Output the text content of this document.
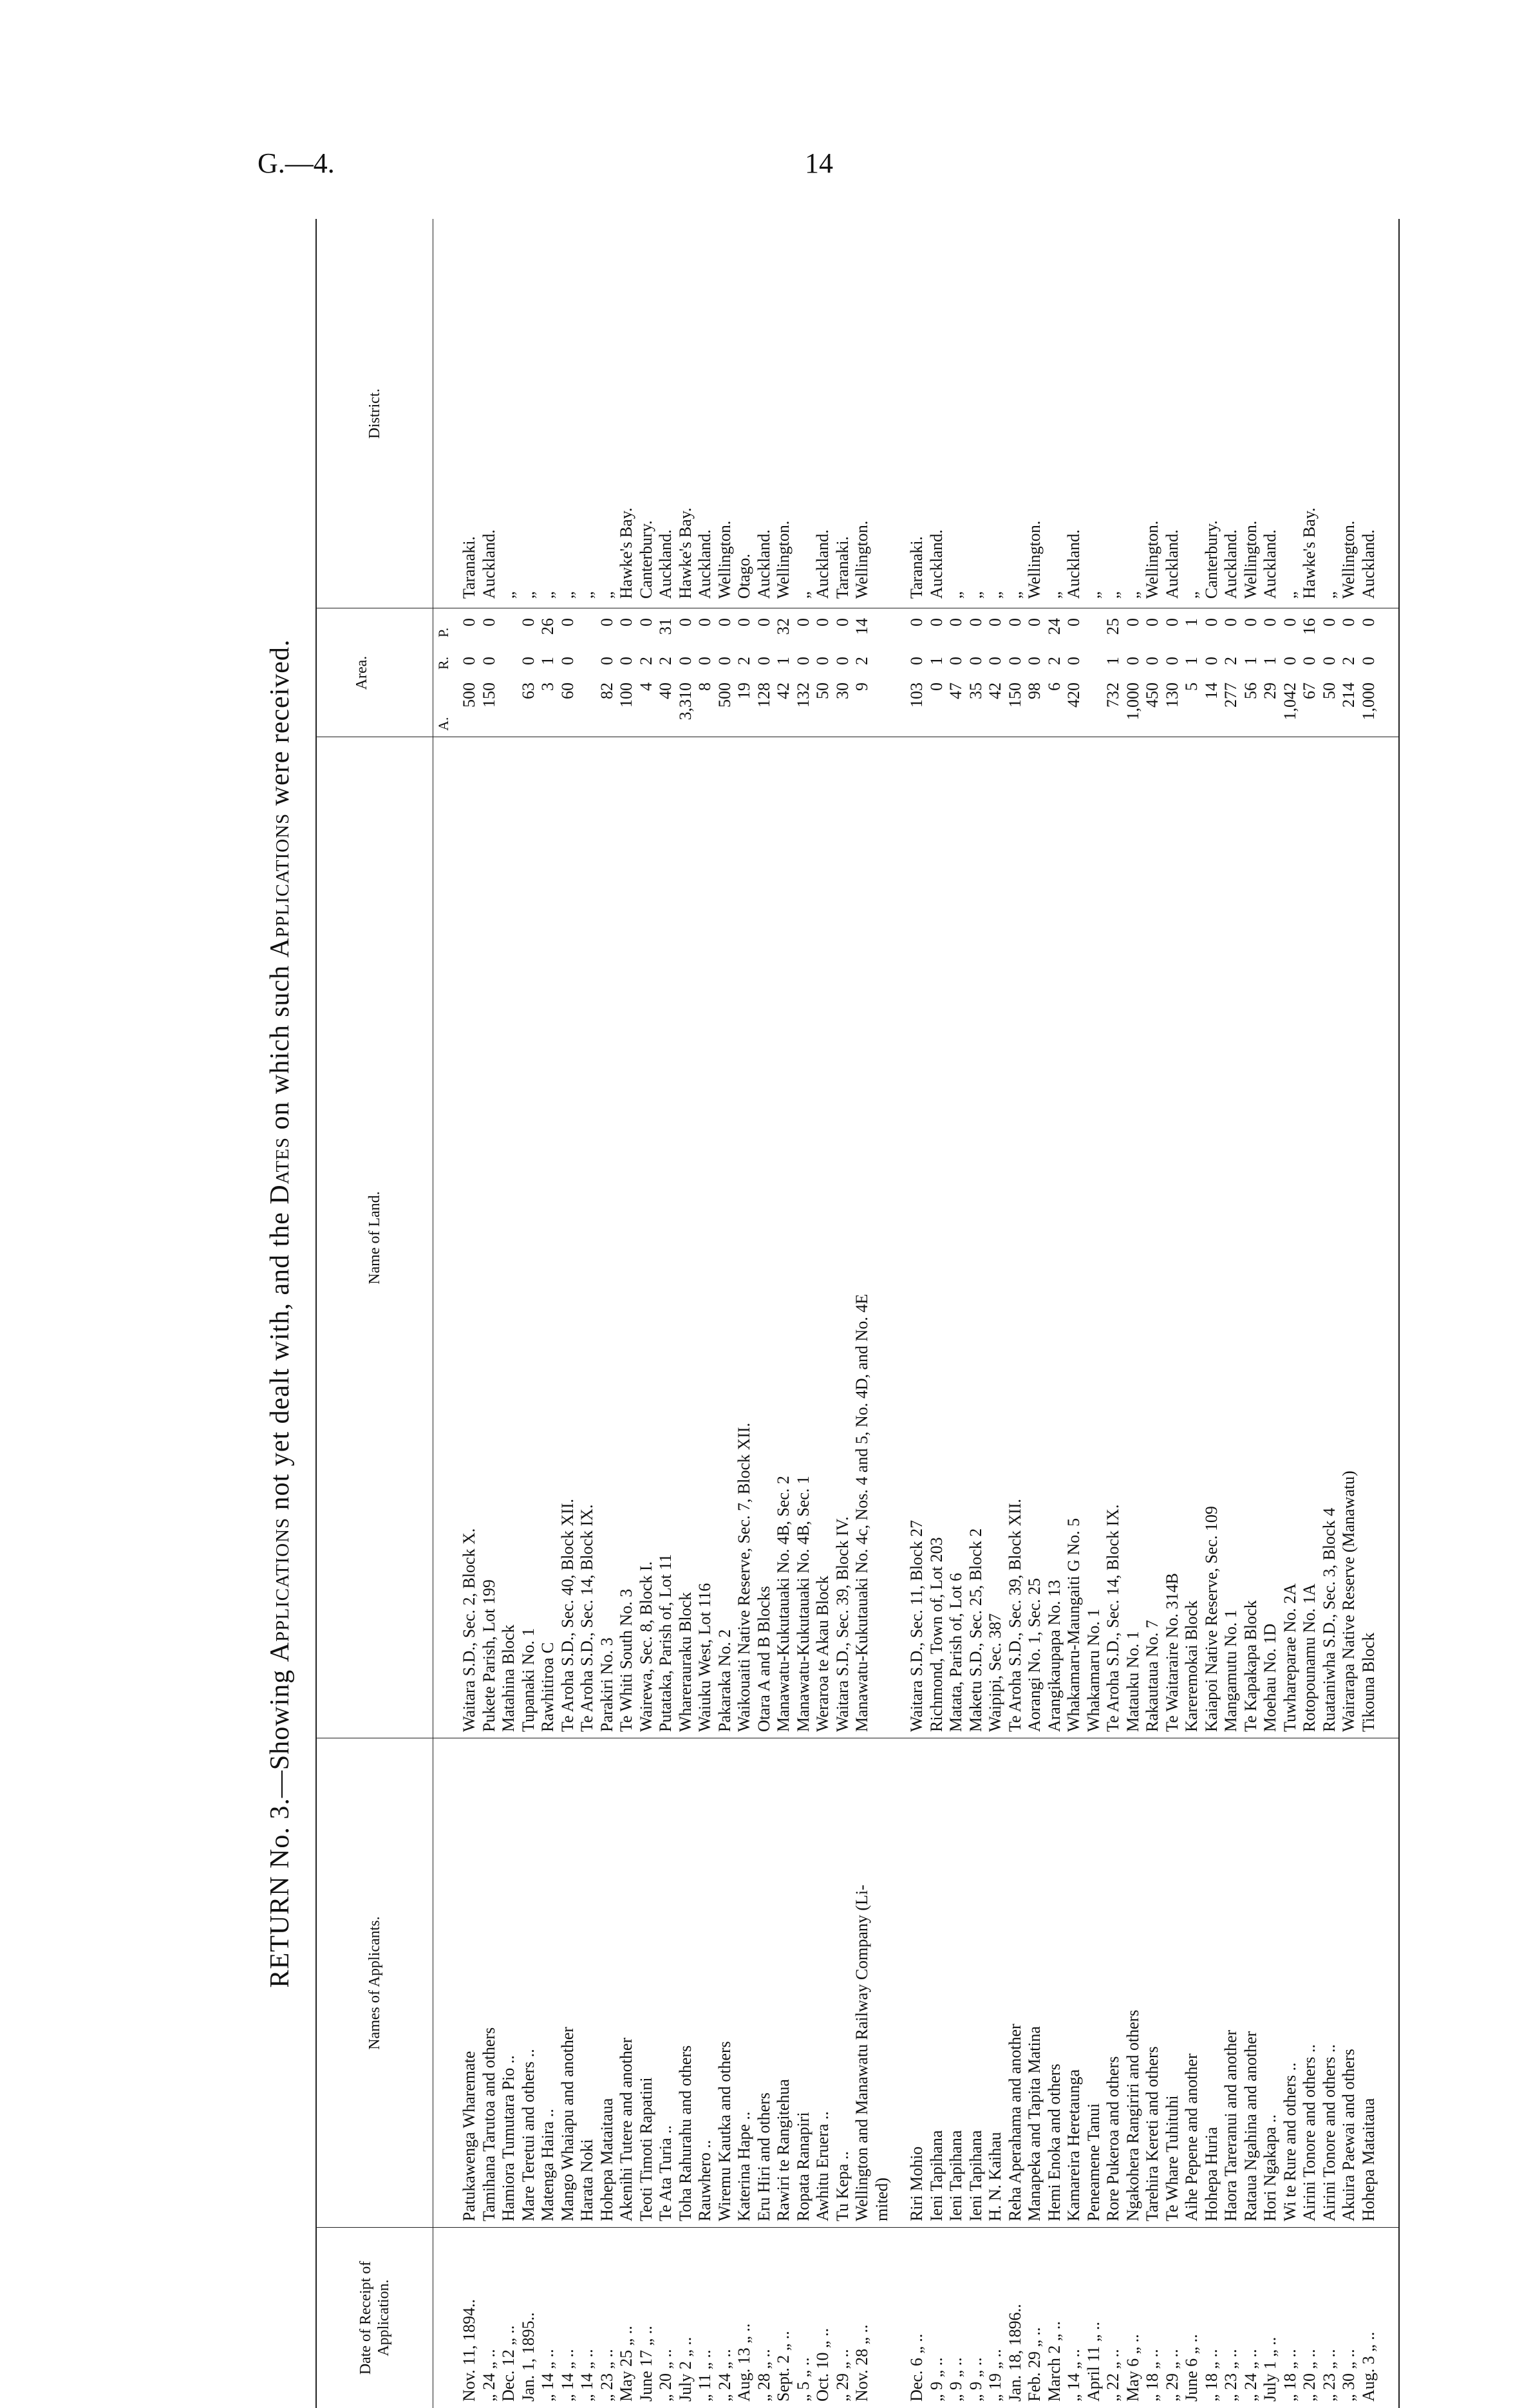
G.—4.	14
RETURN No. 3.—Showing Applications not yet dealt with, and the Dates on which such Applications were received.
Date of Receipt of Application.
Names of Applicants.
Name of Land.
Area.
District.
A.
R.
P.
Nov. 11, 1894..
Patukawenga Wharemate
Waitara S.D., Sec. 2, Block X.
500
0
0
Taranaki.
„ 24 „ ..
Tamihana Tarutoa and others
Pukete Parish, Lot 199
150
0
0
Auckland.
Dec. 12 „ ..
Hamiora Tumutara Pio ..
Matahina Block
„
Jan. 1, 1895..
Mare Teretui and others ..
Tupanaki No. 1
63
0
0
„
„ 14 „ ..
Matenga Haira ..
Rawhitiroa C
3
1
26
„
„ 14 „ ..
Mango Whaiapu and another
Te Aroha S.D., Sec. 40, Block XII.
60
0
0
„
„ 14 „ ..
Harata Noki
Te Aroha S.D., Sec. 14, Block IX.
„
„ 23 „ ..
Hohepa Mataitaua
Parakiri No. 3
82
0
0
„
May 25 „ ..
Akenihi Tutere and another
Te Whiti South No. 3
100
0
0
Hawke's Bay.
June 17 „ ..
Teoti Timoti Rapatini
Wairewa, Sec. 8, Block I.
4
2
0
Canterbury.
„ 20 „ ..
Te Ata Turia ..
Putataka, Parish of, Lot 11
40
2
31
Auckland.
July 2 „ ..
Toha Rahurahu and others
Wharerauraku Block
3,310
0
0
Hawke's Bay.
„ 11 „ ..
Rauwhero ..
Waiuku West, Lot 116
8
0
0
Auckland.
„ 24 „ ..
Wiremu Kautka and others
Pakaraka No. 2
500
0
0
Wellington.
Aug. 13 „ ..
Katerina Hape ..
Waikouaiti Native Reserve, Sec. 7, Block XII.
19
2
0
Otago.
„ 28 „ ..
Eru Hiri and others
Otara A and B Blocks
128
0
0
Auckland.
Sept. 2 „ ..
Rawiri te Rangitehua
Manawatu-Kukutauaki No. 4B, Sec. 2
42
1
32
Wellington.
„ 5 „ ..
Ropata Ranapiri
Manawatu-Kukutauaki No. 4B, Sec. 1
132
0
0
„
Oct. 10 „ ..
Awhitu Eruera ..
Weraroa te Akau Block
50
0
0
Auckland.
„ 29 „ ..
Tu Kepa ..
Waitara S.D., Sec. 39, Block IV.
30
0
0
Taranaki.
Nov. 28 „ ..
Wellington and Manawatu Railway Company (Li-
Manawatu-Kukutauaki No. 4c, Nos. 4 and 5, No. 4D, and No. 4E
9
2
14
Wellington.
mited)
Dec. 6 „ ..
Riri Mohio
Waitara S.D., Sec. 11, Block 27
103
0
0
Taranaki.
„ 9 „ ..
Ieni Tapihana
Richmond, Town of, Lot 203
0
1
0
Auckland.
„ 9 „ ..
Ieni Tapihana
Matata, Parish of, Lot 6
47
0
0
„
„ 9 „ ..
Ieni Tapihana
Maketu S.D., Sec. 25, Block 2
35
0
0
„
„ 19 „ ..
H. N. Kaihau
Waipipi, Sec. 387
42
0
0
„
Jan. 18, 1896..
Reha Aperahama and another
Te Aroha S.D., Sec. 39, Block XII.
150
0
0
„
Feb. 29 „ ..
Manapeka and Tapita Matina
Aorangi No. 1, Sec. 25
98
0
0
Wellington.
March 2 „ ..
Hemi Enoka and others
Arangikaupapa No. 13
6
2
24
„
„ 14 „ ..
Kamareira Heretaunga
Whakamaru-Maungaiti G No. 5
420
0
0
Auckland.
April 11 „ ..
Peneamene Tanui
Whakamaru No. 1
„
„ 22 „ ..
Rore Pukeroa and others
Te Aroha S.D., Sec. 14, Block IX.
732
1
25
„
May 6 „ ..
Ngakohera Rangiriri and others
Matauku No. 1
1,000
0
0
„
„ 18 „ ..
Tarehira Kereti and others
Rakautaua No. 7
450
0
0
Wellington.
„ 29 „ ..
Te Whare Tuhituhi
Te Waitaraire No. 314B
130
0
0
Auckland.
June 6 „ ..
Aihe Pepene and another
Kareremokai Block
5
1
1
„
„ 18 „ ..
Hohepa Huria
Kaiapoi Native Reserve, Sec. 109
14
0
0
Canterbury.
„ 23 „ ..
Haora Tareranui and another
Mangamutu No. 1
277
2
0
Auckland.
„ 24 „ ..
Rataua Ngahina and another
Te Kapakapa Block
56
1
0
Wellington.
July 1 „ ..
Hori Ngakapa ..
Moehau No. 1D
29
1
0
Auckland.
„ 18 „ ..
Wi te Rure and others ..
Tuwhareparae No. 2A
1,042
0
0
„
„ 20 „ ..
Airini Tonore and others ..
Rotopounamu No. 1A
67
0
16
Hawke's Bay.
„ 23 „ ..
Airini Tonore and others ..
Ruataniwha S.D., Sec. 3, Block 4
50
0
0
„
„ 30 „ ..
Akuira Paewai and others
Wairarapa Native Reserve (Manawatu)
214
2
0
Wellington.
Aug. 3 „ ..
Hohepa Mataitaua
Tikouna Block
1,000
0
0
Auckland.
